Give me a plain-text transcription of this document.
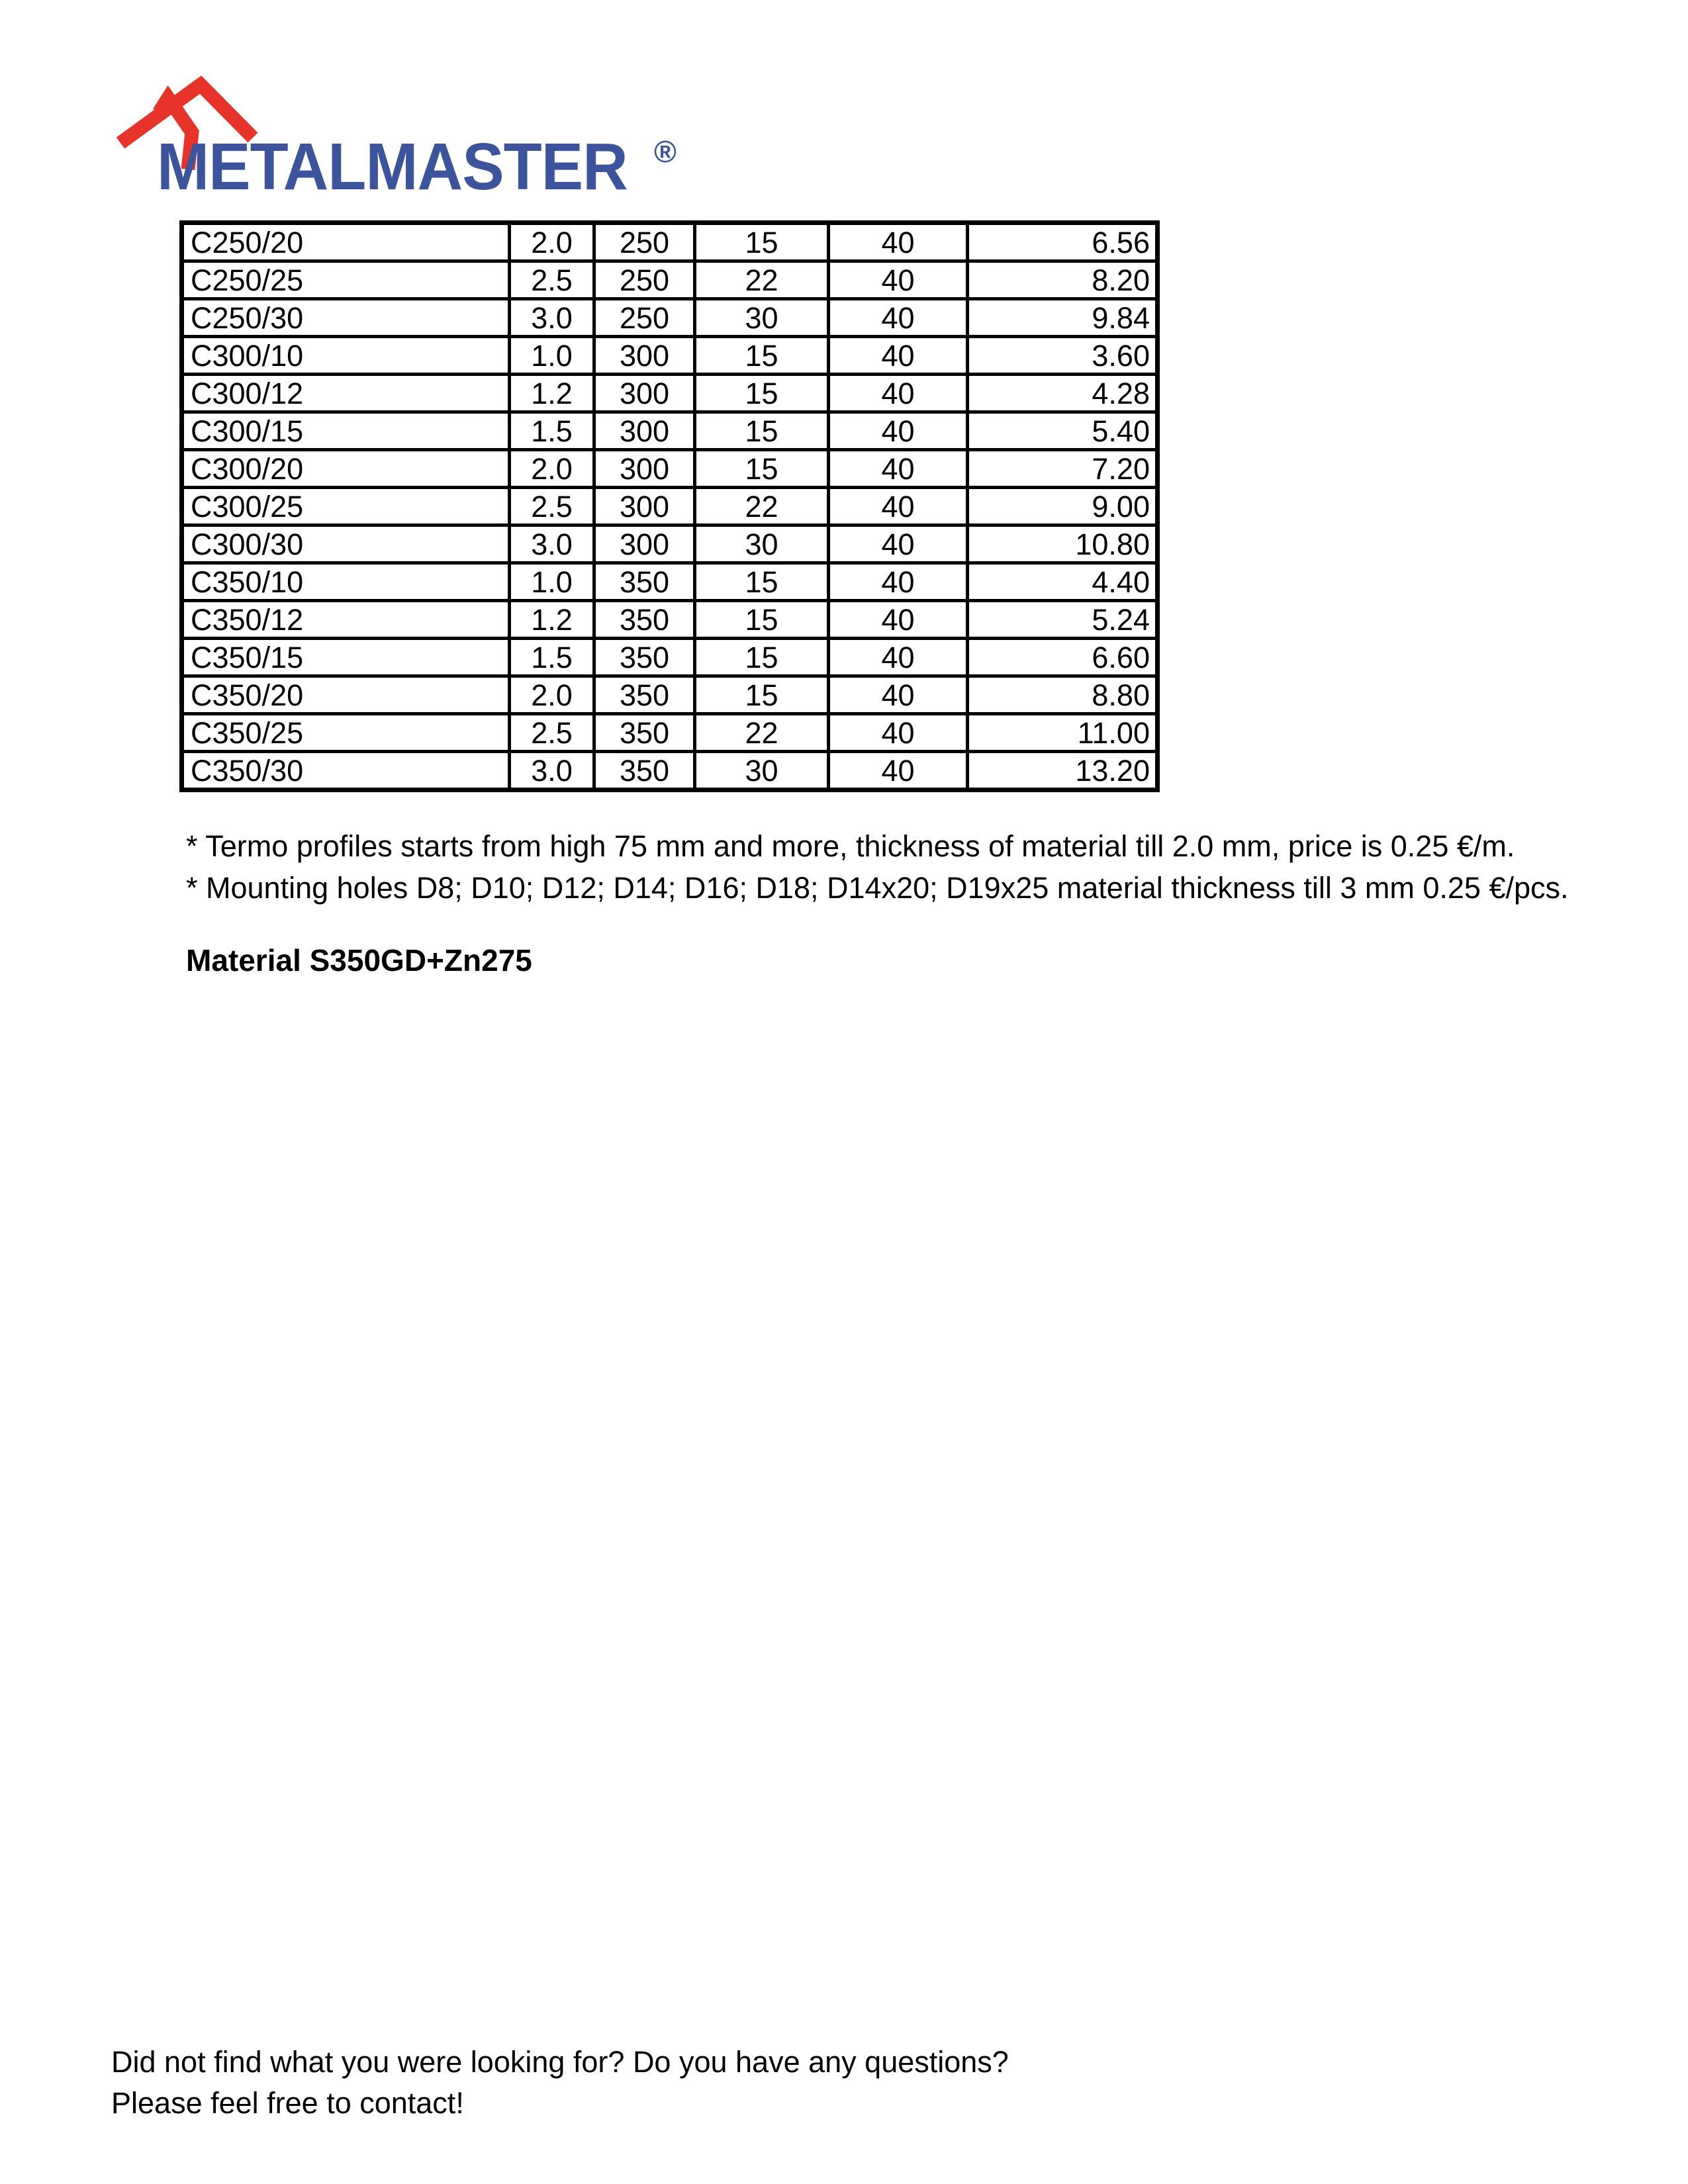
METALMASTER ®
C250/20	2.0	250	15	40	6.56
C250/25	2.5	250	22	40	8.20
C250/30	3.0	250	30	40	9.84
C300/10	1.0	300	15	40	3.60
C300/12	1.2	300	15	40	4.28
C300/15	1.5	300	15	40	5.40
C300/20	2.0	300	15	40	7.20
C300/25	2.5	300	22	40	9.00
C300/30	3.0	300	30	40	10.80
C350/10	1.0	350	15	40	4.40
C350/12	1.2	350	15	40	5.24
C350/15	1.5	350	15	40	6.60
C350/20	2.0	350	15	40	8.80
C350/25	2.5	350	22	40	11.00
C350/30	3.0	350	30	40	13.20
* Termo profiles starts from high 75 mm and more, thickness of material till 2.0 mm, price is 0.25 €/m.
* Mounting holes D8; D10; D12; D14; D16; D18; D14x20; D19x25 material thickness till 3 mm 0.25 €/pcs.
Material S350GD+Zn275
Did not find what you were looking for? Do you have any questions?
Please feel free to contact!
